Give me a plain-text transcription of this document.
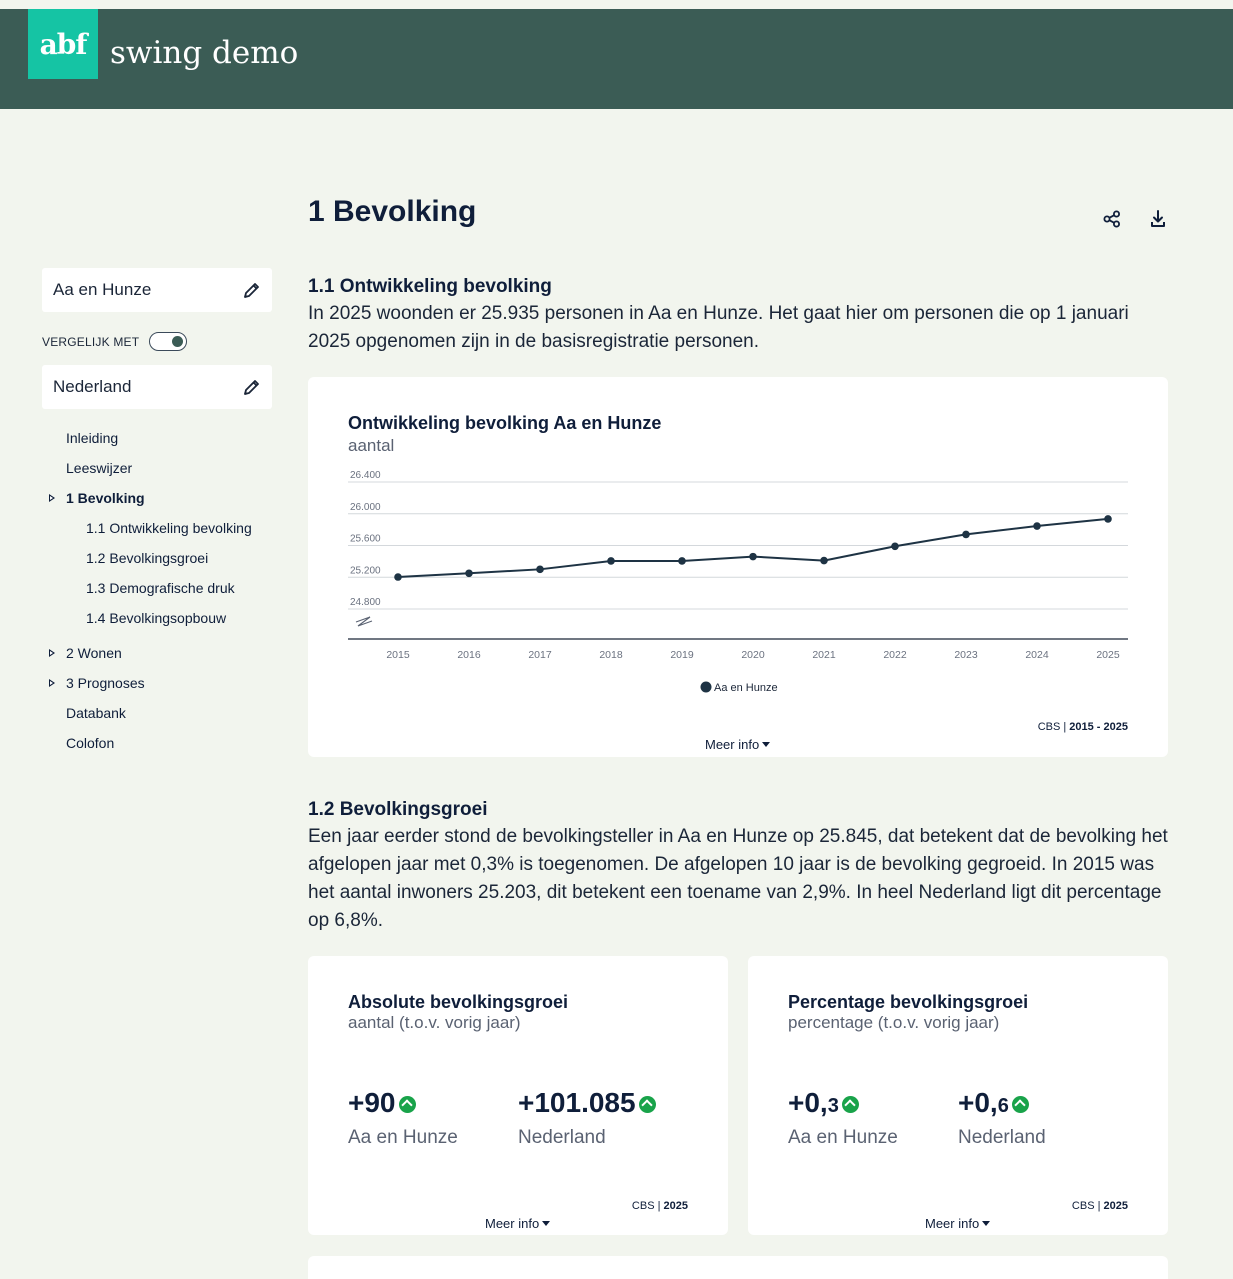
abf swing demo
Aa en Hunze
VERGELIJK MET
Nederland
Inleiding
Leeswijzer
1 Bevolking
1.1 Ontwikkeling bevolking
1.2 Bevolkingsgroei
1.3 Demografische druk
1.4 Bevolkingsopbouw
2 Wonen
3 Prognoses
Databank
Colofon
1 Bevolking
1.1 Ontwikkeling bevolking
In 2025 woonden er 25.935 personen in Aa en Hunze. Het gaat hier om personen die op 1 januari 2025 opgenomen zijn in de basisregistratie personen.
Ontwikkeling bevolking Aa en Hunze
aantal
24.800
25.200
25.600
26.000
26.400
2015	2016	2017	2018	2019	2020	2021	2022	2023	2024	2025
Aa en Hunze
CBS | 2015 - 2025
Meer info
1.2 Bevolkingsgroei
Een jaar eerder stond de bevolkingsteller in Aa en Hunze op 25.845, dat betekent dat de bevolking het afgelopen jaar met 0,3% is toegenomen. De afgelopen 10 jaar is de bevolking gegroeid. In 2015 was het aantal inwoners 25.203, dit betekent een toename van 2,9%. In heel Nederland ligt dit percentage op 6,8%.
Absolute bevolkingsgroei
aantal (t.o.v. vorig jaar)
+90
Aa en Hunze
+101.085
Nederland
CBS | 2025
Meer info
Percentage bevolkingsgroei
percentage (t.o.v. vorig jaar)
+0, 3
Aa en Hunze
+0, 6
Nederland
CBS | 2025
Meer info
